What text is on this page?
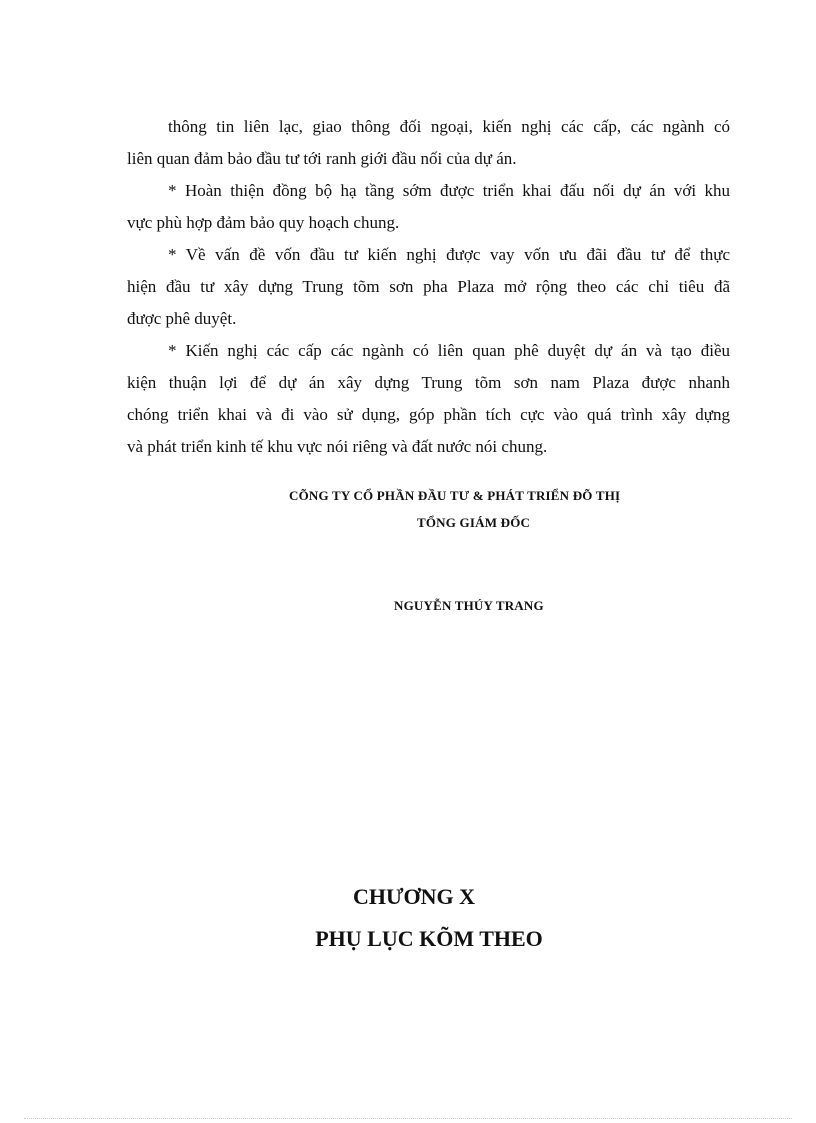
thông tin liên lạc, giao thông đối ngoại, kiến nghị các cấp, các ngành có
liên quan đảm bảo đầu tư tới ranh giới đầu nối của dự án.
* Hoàn thiện đồng bộ hạ tầng sớm được triển khai đấu nối dự án với khu
vực phù hợp đảm bảo quy hoạch chung.
* Về vấn đề vốn đầu tư kiến nghị được vay vốn ưu đãi đầu tư để thực
hiện đầu tư xây dựng Trung tõm sơn pha Plaza mở rộng theo các chỉ tiêu đã
được phê duyệt.
* Kiến nghị các cấp các ngành có liên quan phê duyệt dự án và tạo điều
kiện thuận lợi để dự án xây dựng Trung tõm sơn nam Plaza được nhanh
chóng triển khai và đi vào sử dụng, góp phần tích cực vào quá trình xây dựng
và phát triển kinh tế khu vực nói riêng và đất nước nói chung.
CÕNG TY CỔ PHẦN ĐẦU TƯ & PHÁT TRIỂN ĐÕ THỊ
TỔNG GIÁM ĐỐC
NGUYỄN THÚY TRANG
CHƯƠNG X
PHỤ LỤC KÕM THEO
